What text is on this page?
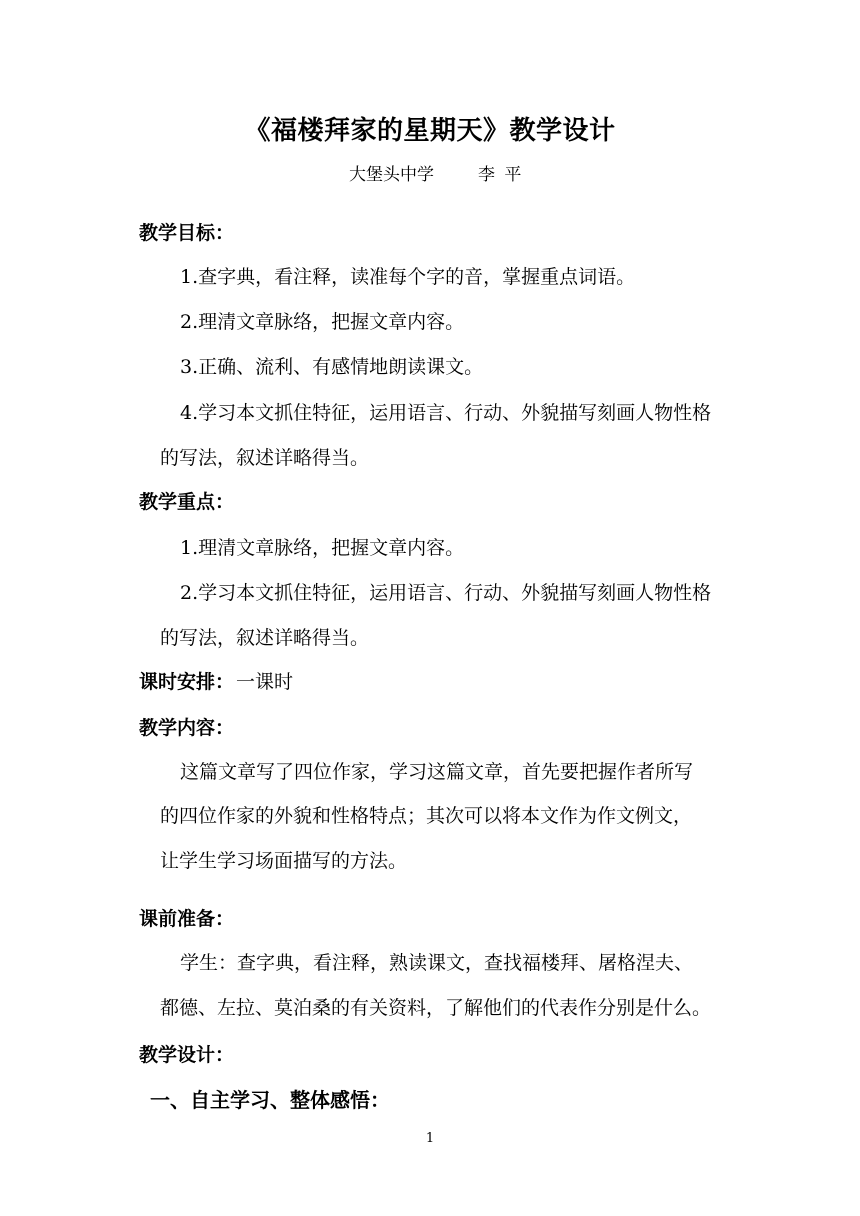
《福楼拜家的星期天》教学设计
大堡头中学	李 平
教学目标：
1.查字典，看注释，读准每个字的音，掌握重点词语。
2.理清文章脉络，把握文章内容。
3.正确、流利、有感情地朗读课文。
4.学习本文抓住特征，运用语言、行动、外貌描写刻画人物性格
的写法，叙述详略得当。
教学重点：
1.理清文章脉络，把握文章内容。
2.学习本文抓住特征，运用语言、行动、外貌描写刻画人物性格
的写法，叙述详略得当。
课时安排： 一课时
教学内容：
这篇文章写了四位作家，学习这篇文章，首先要把握作者所写
的四位作家的外貌和性格特点；其次可以将本文作为作文例文，
让学生学习场面描写的方法。
课前准备：
学生：查字典，看注释，熟读课文，查找福楼拜、屠格涅夫、
都德、左拉、莫泊桑的有关资料，了解他们的代表作分别是什么。
教学设计：
一、自主学习、整体感悟：
1
